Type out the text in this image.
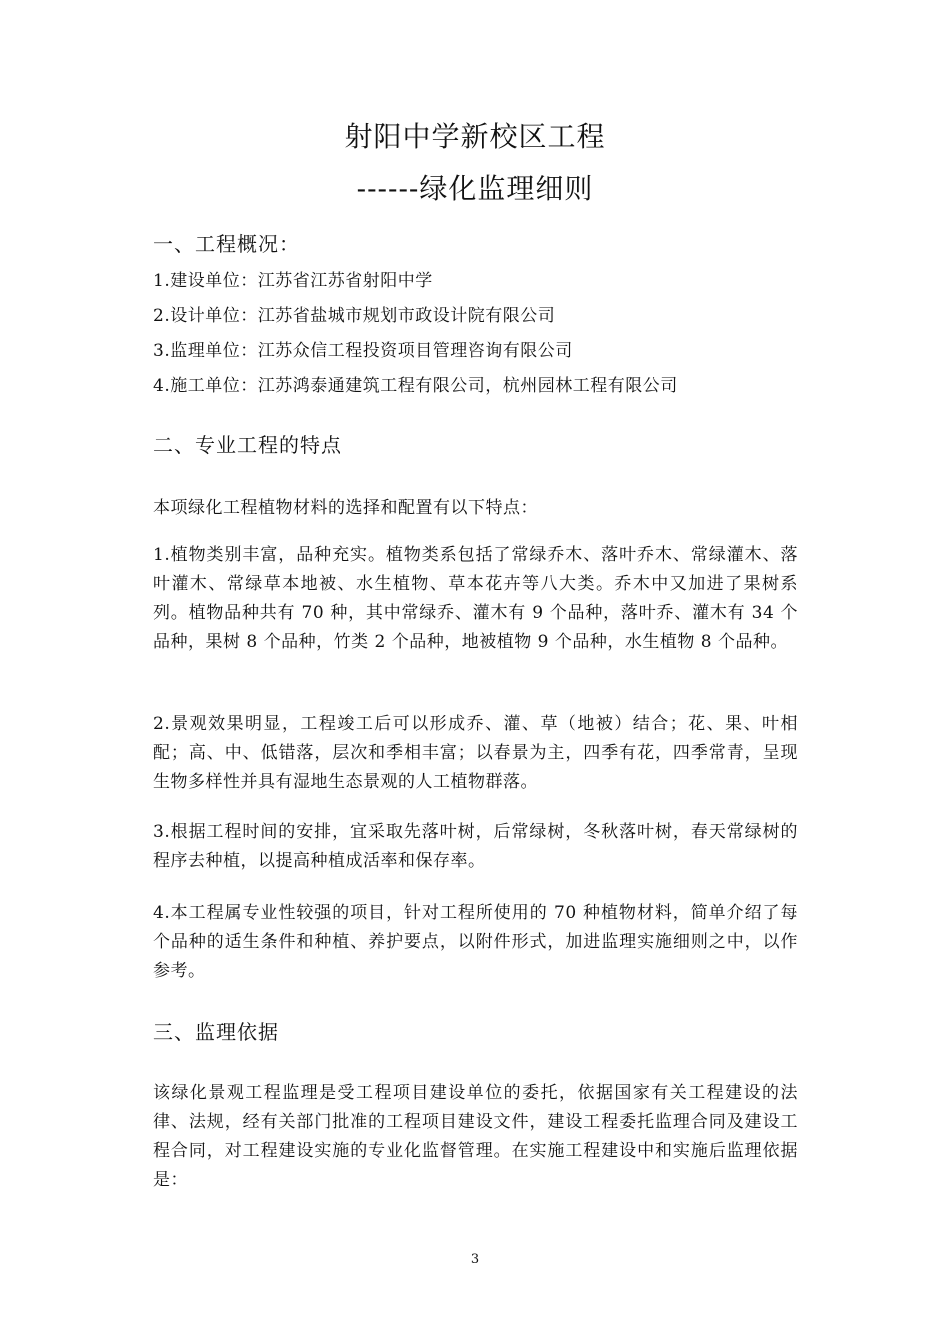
射阳中学新校区工程
------绿化监理细则
一、工程概况：
1.建设单位：江苏省江苏省射阳中学
2.设计单位：江苏省盐城市规划市政设计院有限公司
3.监理单位：江苏众信工程投资项目管理咨询有限公司
4.施工单位：江苏鸿泰通建筑工程有限公司，杭州园林工程有限公司
二、专业工程的特点
本项绿化工程植物材料的选择和配置有以下特点：
1.植物类别丰富，品种充实。植物类系包括了常绿乔木、落叶乔木、常绿灌木、落叶灌木、常绿草本地被、水生植物、草本花卉等八大类。乔木中又加进了果树系列。植物品种共有 70 种，其中常绿乔、灌木有 9 个品种，落叶乔、灌木有 34 个品种，果树 8 个品种，竹类 2 个品种，地被植物 9 个品种，水生植物 8 个品种。
2.景观效果明显，工程竣工后可以形成乔、灌、草（地被）结合；花、果、叶相配；高、中、低错落，层次和季相丰富；以春景为主，四季有花，四季常青，呈现生物多样性并具有湿地生态景观的人工植物群落。
3.根据工程时间的安排，宜采取先落叶树，后常绿树，冬秋落叶树，春天常绿树的程序去种植，以提高种植成活率和保存率。
4.本工程属专业性较强的项目，针对工程所使用的 70 种植物材料，简单介绍了每个品种的适生条件和种植、养护要点，以附件形式，加进监理实施细则之中，以作参考。
三、监理依据
该绿化景观工程监理是受工程项目建设单位的委托，依据国家有关工程建设的法律、法规，经有关部门批准的工程项目建设文件，建设工程委托监理合同及建设工程合同，对工程建设实施的专业化监督管理。在实施工程建设中和实施后监理依据是：
3
